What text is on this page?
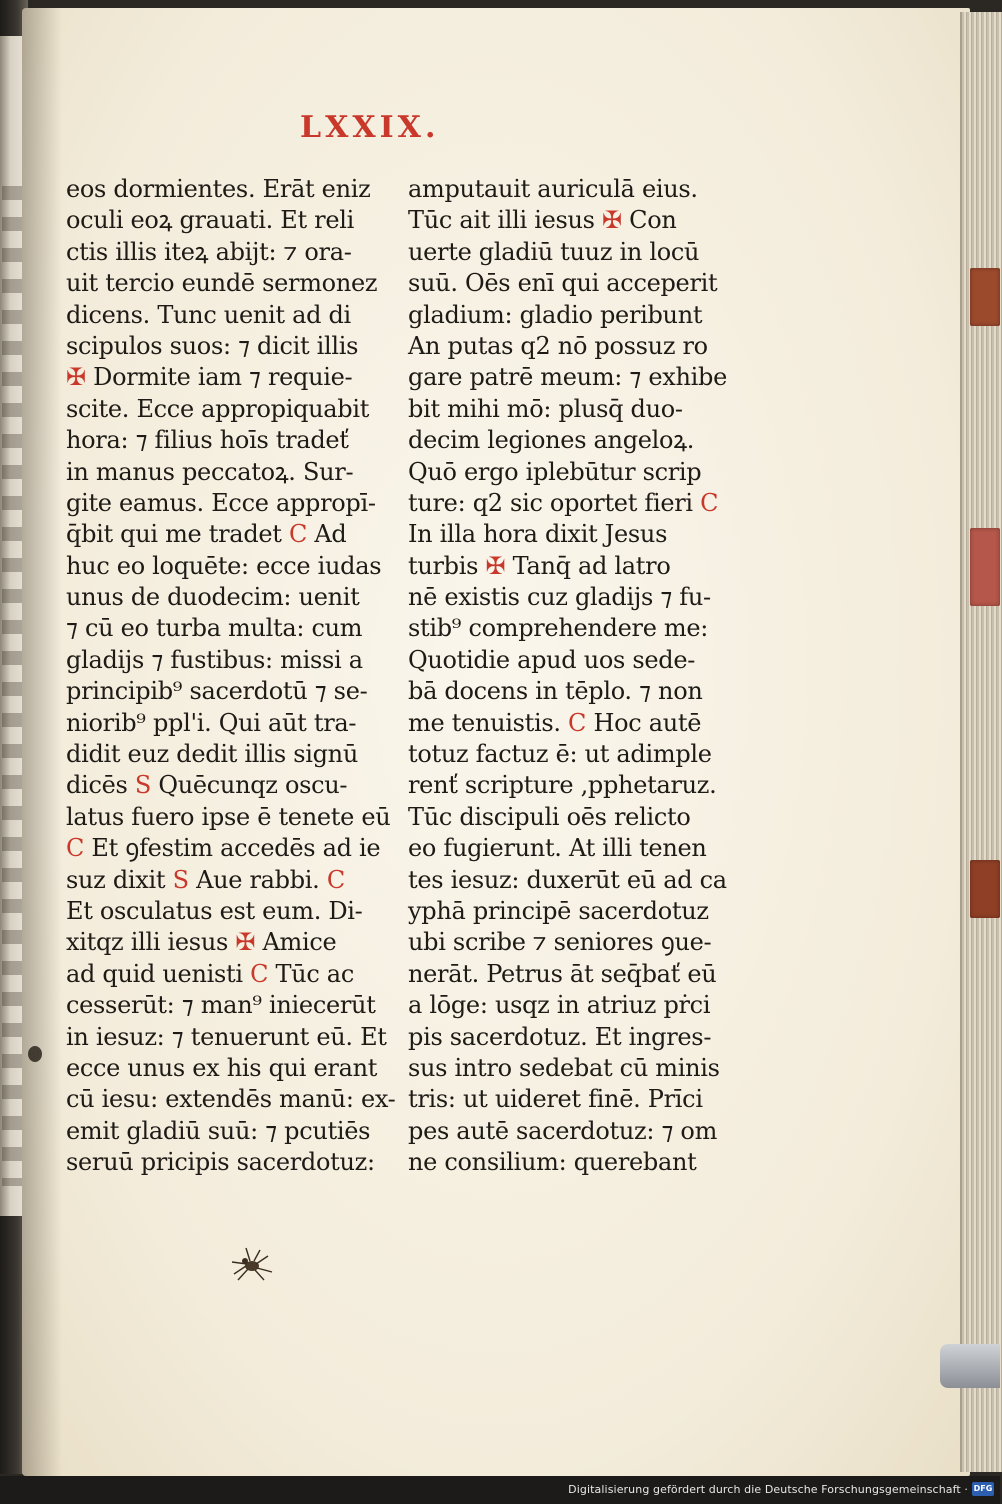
LXXIX.
eos dormientes. Erāt eniz
oculi eoꝝ grauati. Et reli
ctis illis iteꝝ abijt: ⁊ ora-
uit tercio eundē sermonez
dicens. Tunc uenit ad di
scipulos suos: ⁊ dicit illis
✠ Dormite iam ⁊ requie-
scite. Ecce appropiquabit
hora: ⁊ filius hoīs tradeť
in manus peccatoꝝ. Sur-
gite eamus. Ecce appropī-
q̄bit qui me tradet C Ad
huc eo loquēte: ecce iudas
unus de duodecim: uenit
⁊ cū eo turba multa: cum
gladijs ⁊ fustibus: missi a
principib⁹ sacerdotū ⁊ se-
niorib⁹ ppl'i. Qui aūt tra-
didit euz dedit illis signū
dicēs S Quēcunqz oscu-
latus fuero ipse ē tenete eū
C Et ꝯfestim accedēs ad ie
suz dixit S Aue rabbi. C
Et osculatus est eum. Di-
xitqz illi iesus ✠ Amice
ad quid uenisti C Tūc ac
cesserūt: ⁊ man⁹ iniecerūt
in iesuz: ⁊ tenuerunt eū. Et
ecce unus ex his qui erant
cū iesu: extendēs manū: ex-
emit gladiū suū: ⁊ pcutiēs
seruū pricipis sacerdotuz:
amputauit auriculā eius.
Tūc ait illi iesus ✠ Con
uerte gladiū tuuz in locū
suū. Oēs enī qui acceperit
gladium: gladio peribunt
An putas q2 nō possuz ro
gare patrē meum: ⁊ exhibe
bit mihi mō: plusq̄ duo-
decim legiones angeloꝝ.
Quō ergo iplebūtur scrip
ture: q2 sic oportet fieri C
In illa hora dixit Jesus
turbis ✠ Tanq̄ ad latro
nē existis cuz gladijs ⁊ fu-
stib⁹ comprehendere me:
Quotidie apud uos sede-
bā docens in tēplo. ⁊ non
me tenuistis. C Hoc autē
totuz factuz ē: ut adimple
renť scripture ,pphetaruz.
Tūc discipuli oēs relicto
eo fugierunt. At illi tenen
tes iesuz: duxerūt eū ad ca
yphā principē sacerdotuz
ubi scribe ⁊ seniores ꝯue-
nerāt. Petrus āt seq̄bať eū
a lōge: usqz in atriuz pṙci
pis sacerdotuz. Et ingres-
sus intro sedebat cū minis
tris: ut uideret finē. Prīci
pes autē sacerdotuz: ⁊ om
ne consilium: querebant
Digitalisierung gefördert durch die Deutsche Forschungsgemeinschaft · DFG
